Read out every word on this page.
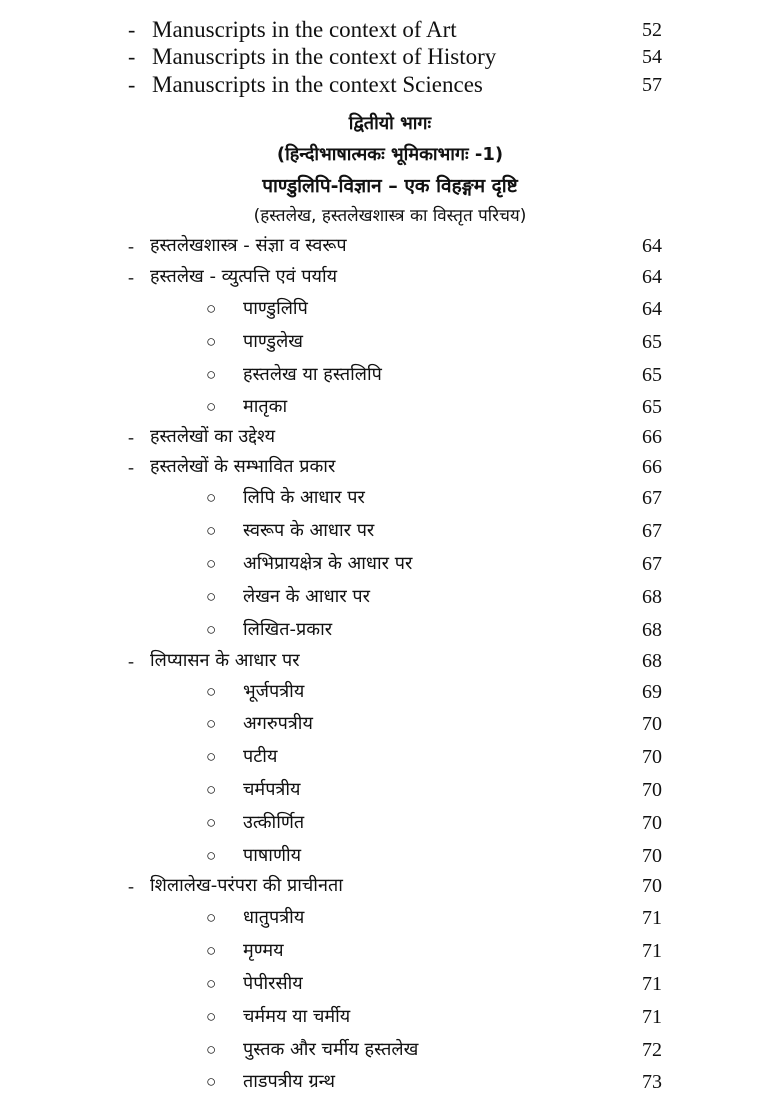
- Manuscripts in the context of Art	52
- Manuscripts in the context of History	54
- Manuscripts in the context Sciences	57
द्वितीयो भागः
(हिन्दीभाषात्मकः भूमिकाभागः -1)
पाण्डुलिपि-विज्ञान – एक विहङ्गम दृष्टि
(हस्तलेख, हस्तलेखशास्त्र का विस्तृत परिचय)
- हस्तलेखशास्त्र - संज्ञा व स्वरूप	64
- हस्तलेख - व्युत्पत्ति एवं पर्याय	64
○ पाण्डुलिपि	64
○ पाण्डुलेख	65
○ हस्तलेख या हस्तलिपि	65
○ मातृका	65
- हस्तलेखों का उद्देश्य	66
- हस्तलेखों के सम्भावित प्रकार	66
○ लिपि के आधार पर	67
○ स्वरूप के आधार पर	67
○ अभिप्रायक्षेत्र के आधार पर	67
○ लेखन के आधार पर	68
○ लिखित-प्रकार	68
- लिप्यासन के आधार पर	68
○ भूर्जपत्रीय	69
○ अगरुपत्रीय	70
○ पटीय	70
○ चर्मपत्रीय	70
○ उत्कीर्णित	70
○ पाषाणीय	70
- शिलालेख-परंपरा की प्राचीनता	70
○ धातुपत्रीय	71
○ मृण्मय	71
○ पेपीरसीय	71
○ चर्ममय या चर्मीय	71
○ पुस्तक और चर्मीय हस्तलेख	72
○ ताडपत्रीय ग्रन्थ	73
